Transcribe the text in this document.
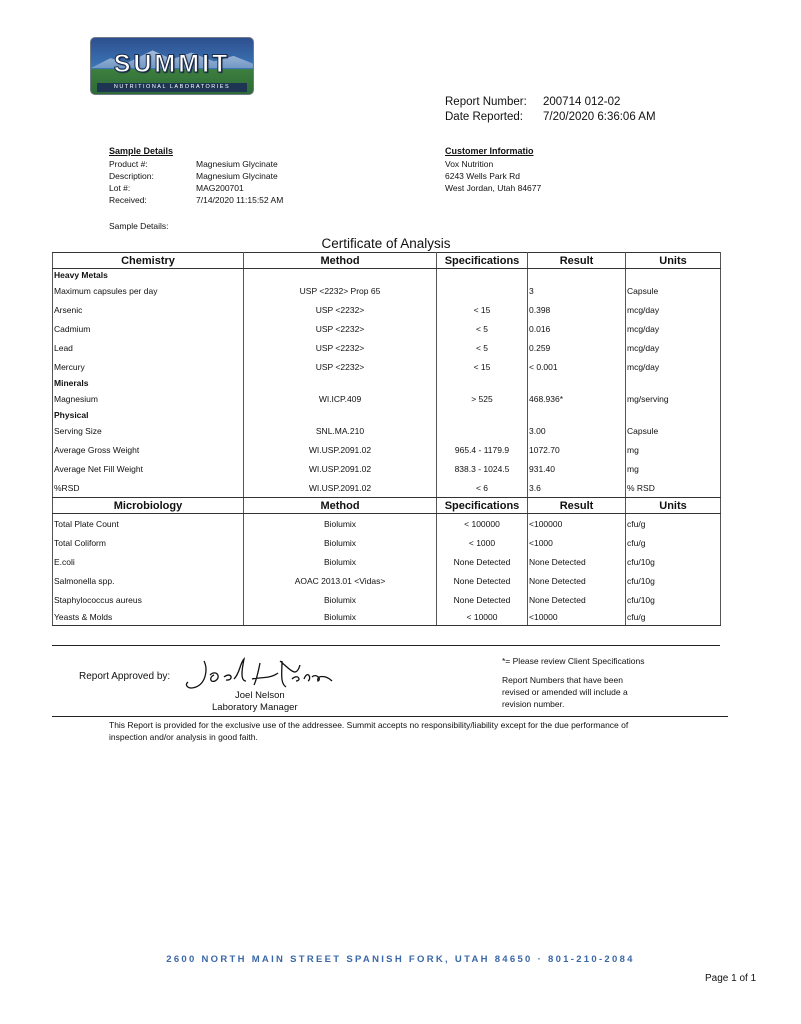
SUMMIT
NUTRITIONAL LABORATORIES
Report Number: 200714 012-02
Date Reported: 7/20/2020 6:36:06 AM
Sample Details
Product #:	Magnesium Glycinate
Description:	Magnesium Glycinate
Lot #:	MAG200701
Received:	7/14/2020 11:15:52 AM
Sample Details:
Customer Informatio
Vox Nutrition
6243 Wells Park Rd
West Jordan, Utah 84677
Certificate of Analysis
Chemistry	Method	Specifications	Result	Units
Heavy Metals				
Maximum capsules per day	USP <2232> Prop 65		3	Capsule
Arsenic	USP <2232>	< 15	0.398	mcg/day
Cadmium	USP <2232>	< 5	0.016	mcg/day
Lead	USP <2232>	< 5	0.259	mcg/day
Mercury	USP <2232>	< 15	< 0.001	mcg/day
Minerals				
Magnesium	WI.ICP.409	> 525	468.936*	mg/serving
Physical				
Serving Size	SNL.MA.210		3.00	Capsule
Average Gross Weight	WI.USP.2091.02	965.4 - 1179.9	1072.70	mg
Average Net Fill Weight	WI.USP.2091.02	838.3 - 1024.5	931.40	mg
%RSD	WI.USP.2091.02	< 6	3.6	% RSD
Microbiology	Method	Specifications	Result	Units
Total Plate Count	Biolumix	< 100000	<100000	cfu/g
Total Coliform	Biolumix	< 1000	<1000	cfu/g
E.coli	Biolumix	None Detected	None Detected	cfu/10g
Salmonella spp.	AOAC 2013.01 <Vidas>	None Detected	None Detected	cfu/10g
Staphylococcus aureus	Biolumix	None Detected	None Detected	cfu/10g
Yeasts & Molds	Biolumix	< 10000	<10000	cfu/g
Report Approved by:
Joel Nelson
Laboratory Manager
*= Please review Client Specifications
Report Numbers that have been
revised or amended will include a
revision number.
This Report is provided for the exclusive use of the addressee. Summit accepts no responsibility/liability except for the due performance of
inspection and/or analysis in good faith.
2600 NORTH MAIN STREET SPANISH FORK, UTAH 84650 · 801-210-2084
Page 1 of 1
